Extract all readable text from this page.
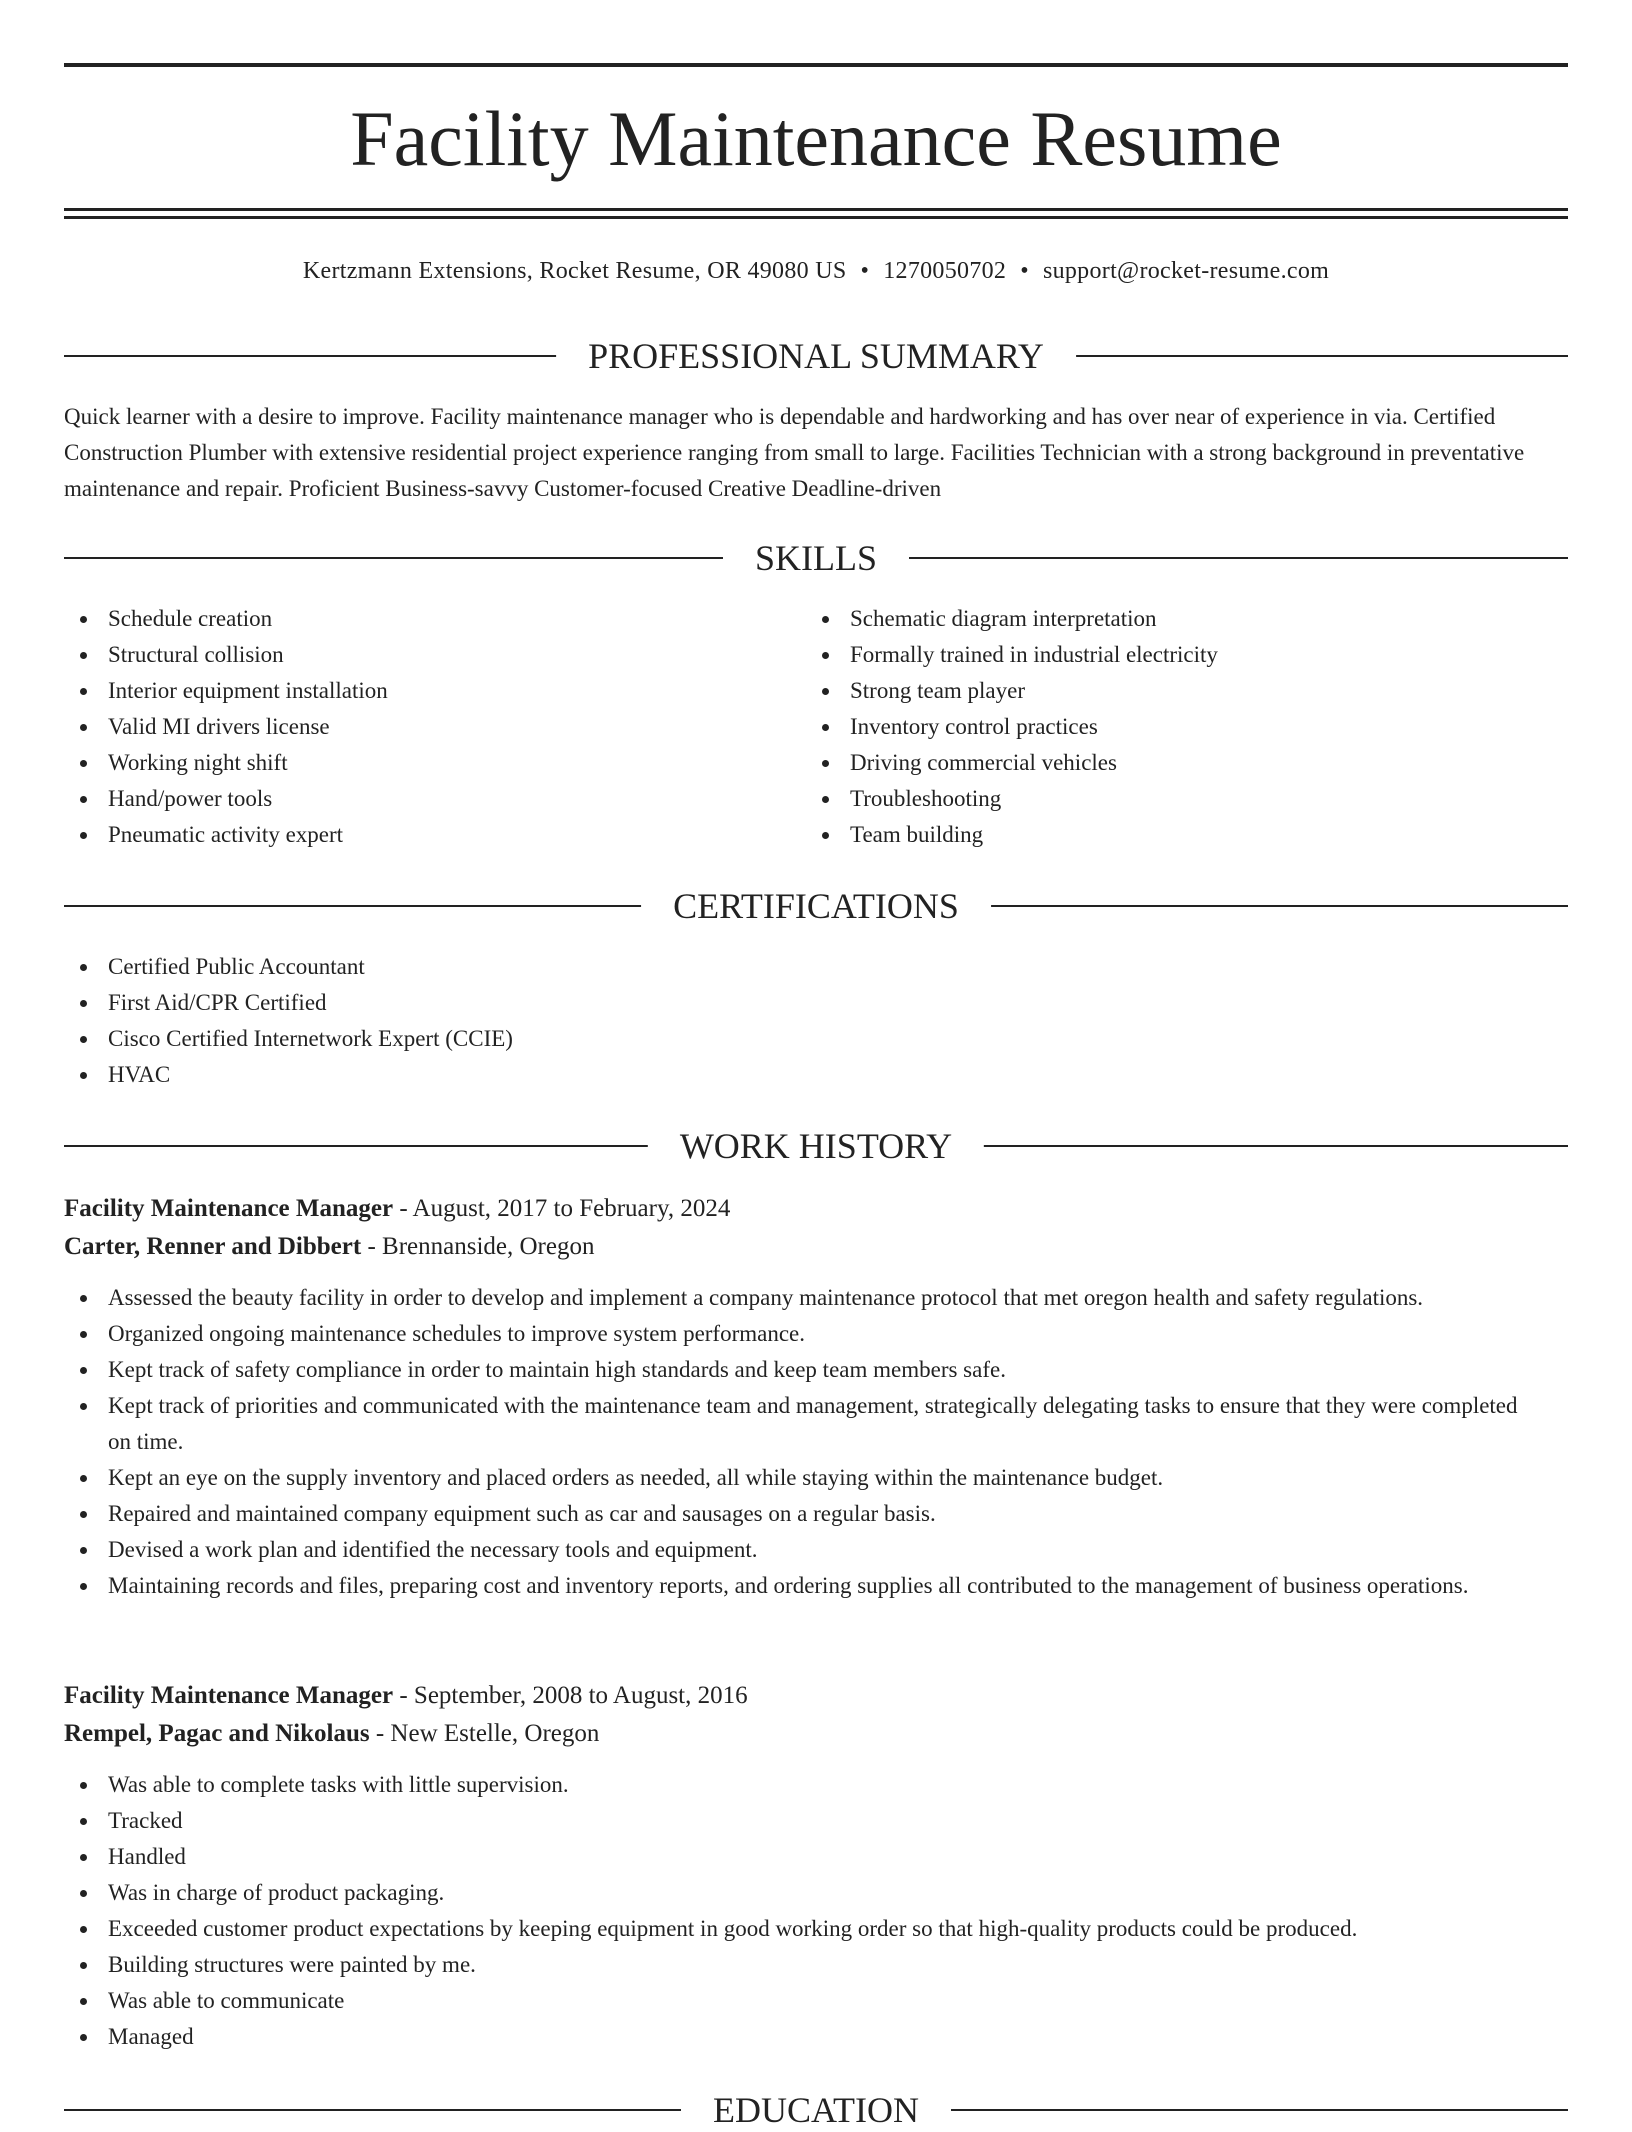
Facility Maintenance Resume
Kertzmann Extensions, Rocket Resume, OR 49080 US • 1270050702 • support@rocket-resume.com
PROFESSIONAL SUMMARY

Quick learner with a desire to improve. Facility maintenance manager who is dependable and hardworking and has over near of experience in via. Certified Construction Plumber with extensive residential project experience ranging from small to large. Facilities Technician with a strong background in preventative maintenance and repair. Proficient Business-savvy Customer-focused Creative Deadline-driven

SKILLS
Schedule creation
Structural collision
Interior equipment installation
Valid MI drivers license
Working night shift
Hand/power tools
Pneumatic activity expert
Schematic diagram interpretation
Formally trained in industrial electricity
Strong team player
Inventory control practices
Driving commercial vehicles
Troubleshooting
Team building
CERTIFICATIONS
Certified Public Accountant
First Aid/CPR Certified
Cisco Certified Internetwork Expert (CCIE)
HVAC
WORK HISTORY
Facility Maintenance Manager - August, 2017 to February, 2024
Carter, Renner and Dibbert - Brennanside, Oregon
Assessed the beauty facility in order to develop and implement a company maintenance protocol that met oregon health and safety regulations.
Organized ongoing maintenance schedules to improve system performance.
Kept track of safety compliance in order to maintain high standards and keep team members safe.
Kept track of priorities and communicated with the maintenance team and management, strategically delegating tasks to ensure that they were completed on time.
Kept an eye on the supply inventory and placed orders as needed, all while staying within the maintenance budget.
Repaired and maintained company equipment such as car and sausages on a regular basis.
Devised a work plan and identified the necessary tools and equipment.
Maintaining records and files, preparing cost and inventory reports, and ordering supplies all contributed to the management of business operations.
Facility Maintenance Manager - September, 2008 to August, 2016
Rempel, Pagac and Nikolaus - New Estelle, Oregon
Was able to complete tasks with little supervision.
Tracked
Handled
Was in charge of product packaging.
Exceeded customer product expectations by keeping equipment in good working order so that high-quality products could be produced.
Building structures were painted by me.
Was able to communicate
Managed
EDUCATION
